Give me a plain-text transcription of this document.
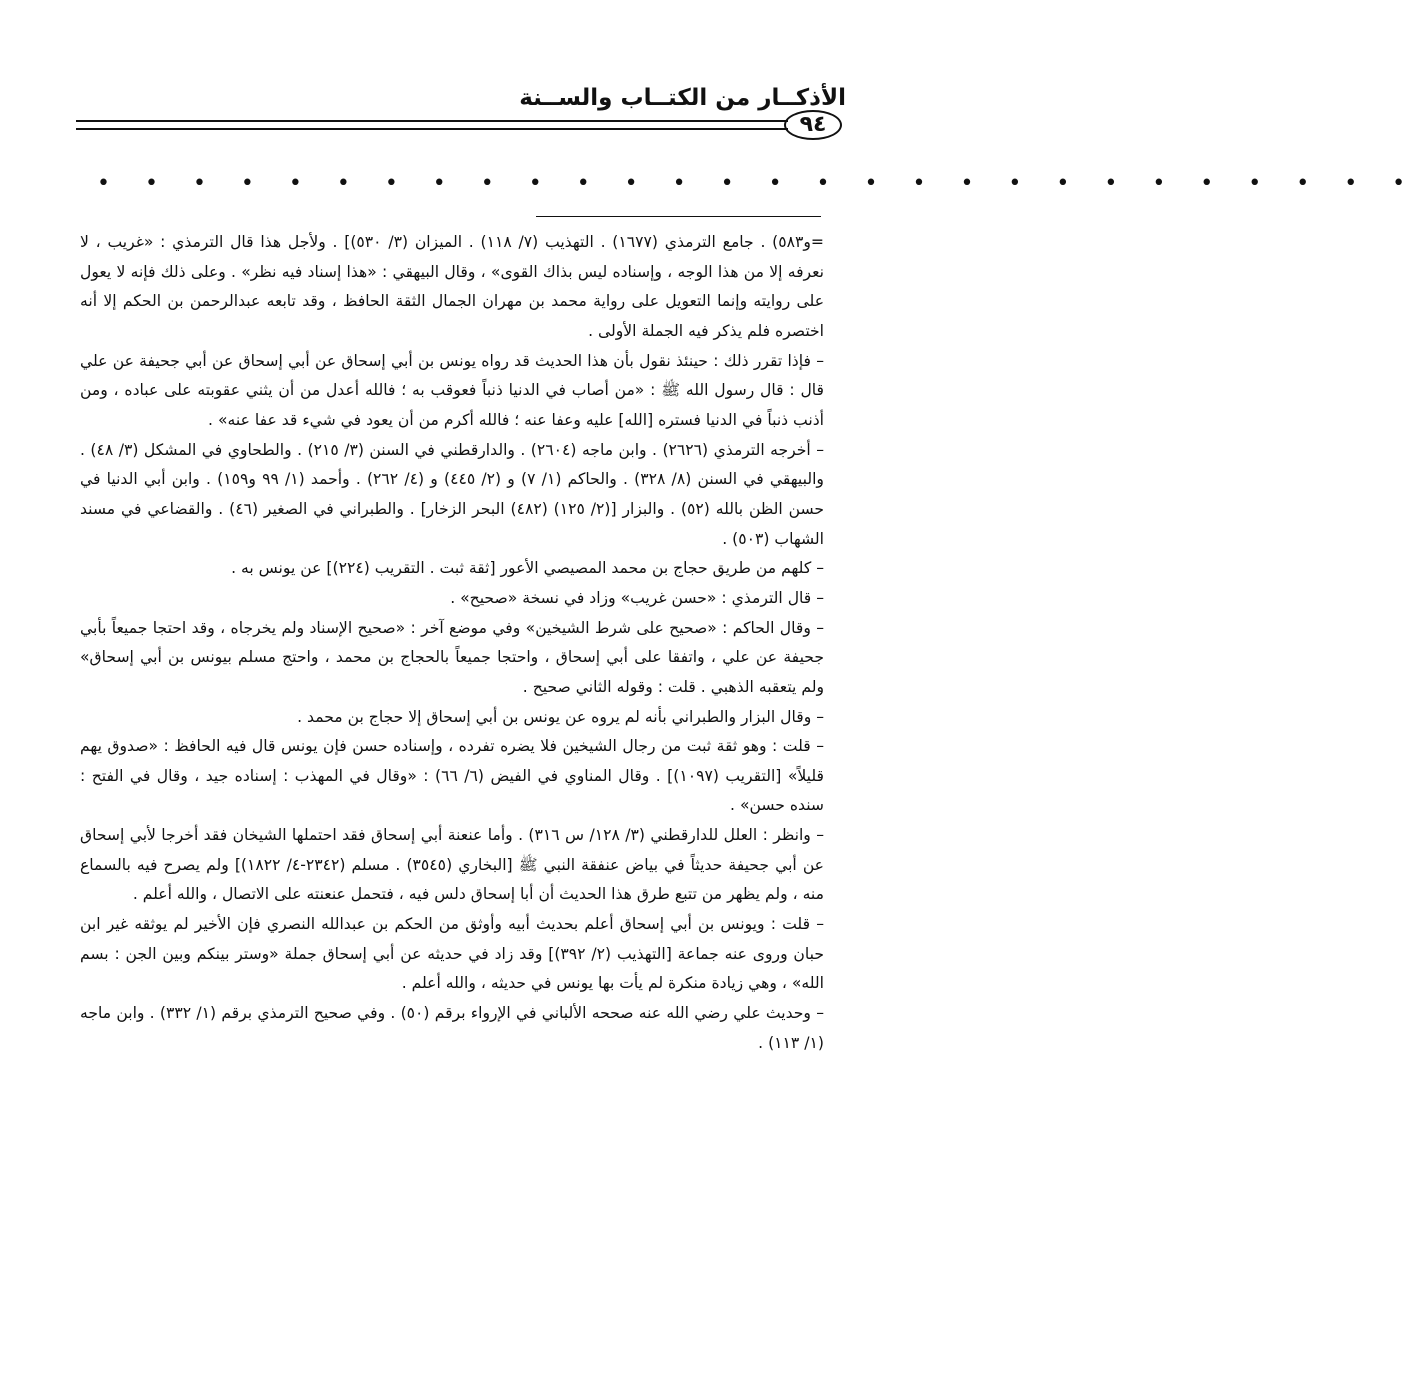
الأذكــار من الكتــاب والســنة
٩٤
• • • • • • • • • • • • • • • • • • • • • • • • • • • •

=و٥٨٣) . جامع الترمذي (١٦٧٧) . التهذيب (٧/ ١١٨) . الميزان (٣/ ٥٣٠)] . ولأجل هذا قال الترمذي : «غريب ، لا نعرفه إلا من هذا الوجه ، وإسناده ليس بذاك القوى» ، وقال البيهقي : «هذا إسناد فيه نظر» . وعلى ذلك فإنه لا يعول على روايته وإنما التعويل على رواية محمد بن مهران الجمال الثقة الحافظ ، وقد تابعه عبدالرحمن بن الحكم إلا أنه اختصره فلم يذكر فيه الجملة الأولى .

– فإذا تقرر ذلك : حينئذ نقول بأن هذا الحديث قد رواه يونس بن أبي إسحاق عن أبي إسحاق عن أبي جحيفة عن علي قال : قال رسول الله ﷺ : «من أصاب في الدنيا ذنباً فعوقب به ؛ فالله أعدل من أن يثني عقوبته على عباده ، ومن أذنب ذنباً في الدنيا فستره [الله] عليه وعفا عنه ؛ فالله أكرم من أن يعود في شيء قد عفا عنه» .

– أخرجه الترمذي (٢٦٢٦) . وابن ماجه (٢٦٠٤) . والدارقطني في السنن (٣/ ٢١٥) . والطحاوي في المشكل (٣/ ٤٨) . والبيهقي في السنن (٨/ ٣٢٨) . والحاكم (١/ ٧) و (٢/ ٤٤٥) و (٤/ ٢٦٢) . وأحمد (١/ ٩٩ و١٥٩) . وابن أبي الدنيا في حسن الظن بالله (٥٢) . والبزار [(٢/ ١٢٥) (٤٨٢) البحر الزخار] . والطبراني في الصغير (٤٦) . والقضاعي في مسند الشهاب (٥٠٣) .

– كلهم من طريق حجاج بن محمد المصيصي الأعور [ثقة ثبت . التقريب (٢٢٤)] عن يونس به .

– قال الترمذي : «حسن غريب» وزاد في نسخة «صحيح» .

– وقال الحاكم : «صحيح على شرط الشيخين» وفي موضع آخر : «صحيح الإسناد ولم يخرجاه ، وقد احتجا جميعاً بأبي جحيفة عن علي ، واتفقا على أبي إسحاق ، واحتجا جميعاً بالحجاج بن محمد ، واحتج مسلم بيونس بن أبي إسحاق» ولم يتعقبه الذهبي . قلت : وقوله الثاني صحيح .

– وقال البزار والطبراني بأنه لم يروه عن يونس بن أبي إسحاق إلا حجاج بن محمد .

– قلت : وهو ثقة ثبت من رجال الشيخين فلا يضره تفرده ، وإسناده حسن فإن يونس قال فيه الحافظ : «صدوق يهم قليلاً» [التقريب (١٠٩٧)] . وقال المناوي في الفيض (٦/ ٦٦) : «وقال في المهذب : إسناده جيد ، وقال في الفتح : سنده حسن» .

– وانظر : العلل للدارقطني (٣/ ١٢٨/ س ٣١٦) . وأما عنعنة أبي إسحاق فقد احتملها الشيخان فقد أخرجا لأبي إسحاق عن أبي جحيفة حديثاً في بياض عنفقة النبي ﷺ [البخاري (٣٥٤٥) . مسلم (٢٣٤٢-٤/ ١٨٢٢)] ولم يصرح فيه بالسماع منه ، ولم يظهر من تتبع طرق هذا الحديث أن أبا إسحاق دلس فيه ، فتحمل عنعنته على الاتصال ، والله أعلم .

– قلت : ويونس بن أبي إسحاق أعلم بحديث أبيه وأوثق من الحكم بن عبدالله النصري فإن الأخير لم يوثقه غير ابن حبان وروى عنه جماعة [التهذيب (٢/ ٣٩٢)] وقد زاد في حديثه عن أبي إسحاق جملة «وستر بينكم وبين الجن : بسم الله» ، وهي زيادة منكرة لم يأت بها يونس في حديثه ، والله أعلم .

– وحديث علي رضي الله عنه صححه الألباني في الإرواء برقم (٥٠) . وفي صحيح الترمذي برقم (١/ ٣٣٢) . وابن ماجه (١/ ١١٣) .
